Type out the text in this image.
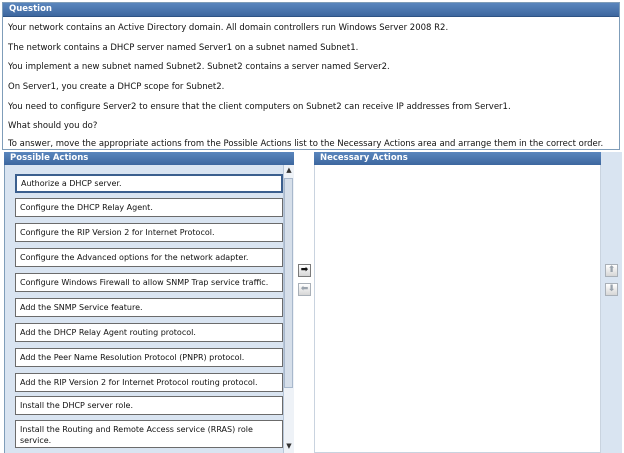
Question
Your network contains an Active Directory domain. All domain controllers run Windows Server 2008 R2.
The network contains a DHCP server named Server1 on a subnet named Subnet1.
You implement a new subnet named Subnet2. Subnet2 contains a server named Server2.
On Server1, you create a DHCP scope for Subnet2.
You need to configure Server2 to ensure that the client computers on Subnet2 can receive IP addresses from Server1.
What should you do?
To answer, move the appropriate actions from the Possible Actions list to the Necessary Actions area and arrange them in the correct order.
Possible Actions
Authorize a DHCP server.
Configure the DHCP Relay Agent.
Configure the RIP Version 2 for Internet Protocol.
Configure the Advanced options for the network adapter.
Configure Windows Firewall to allow SNMP Trap service traffic.
Add the SNMP Service feature.
Add the DHCP Relay Agent routing protocol.
Add the Peer Name Resolution Protocol (PNPR) protocol.
Add the RIP Version 2 for Internet Protocol routing protocol.
Install the DHCP server role.
Install the Routing and Remote Access service (RRAS) role service.
▲
▼
➡
⬅
Necessary Actions
⬆
⬇
